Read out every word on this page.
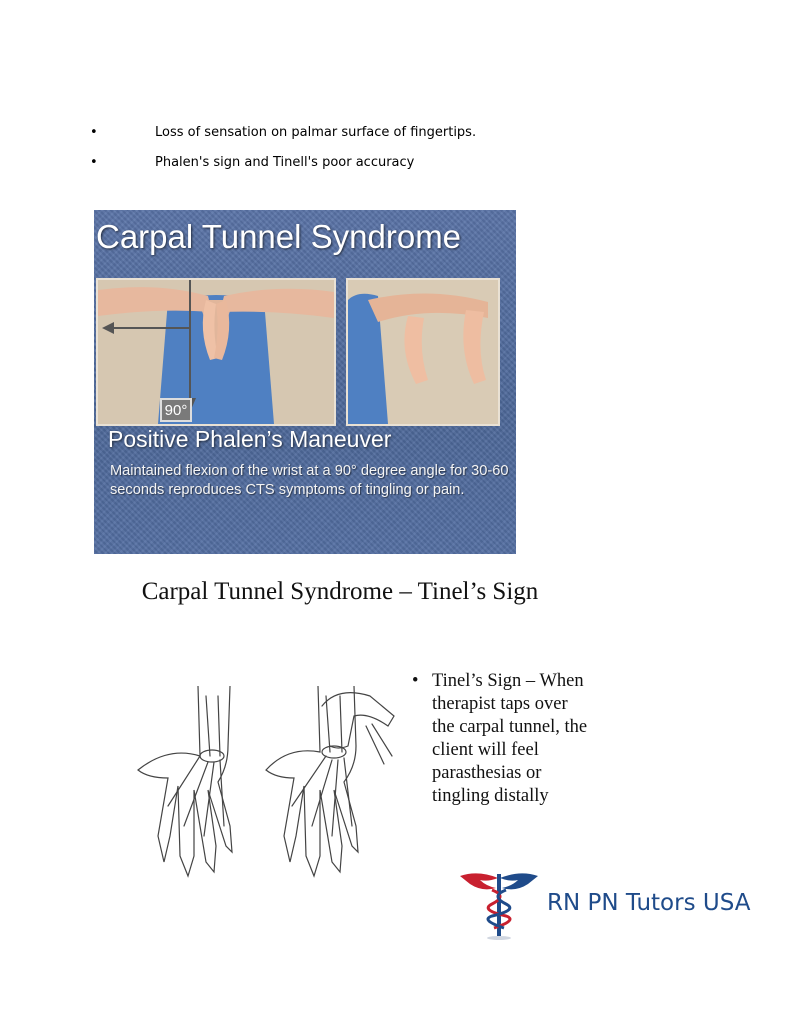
•	Loss of sensation on palmar surface of fingertips.
•	Phalen's sign and Tinell's poor accuracy
Carpal Tunnel Syndrome
90°
Positive Phalen’s Maneuver
Maintained flexion of the wrist at a 90° degree angle for 30-60 seconds reproduces CTS symptoms of tingling or pain.
Carpal Tunnel Syndrome – Tinel’s Sign
• Tinel’s Sign – When therapist taps over the carpal tunnel, the client will feel parasthesias or tingling distally
RN PN Tutors USA
